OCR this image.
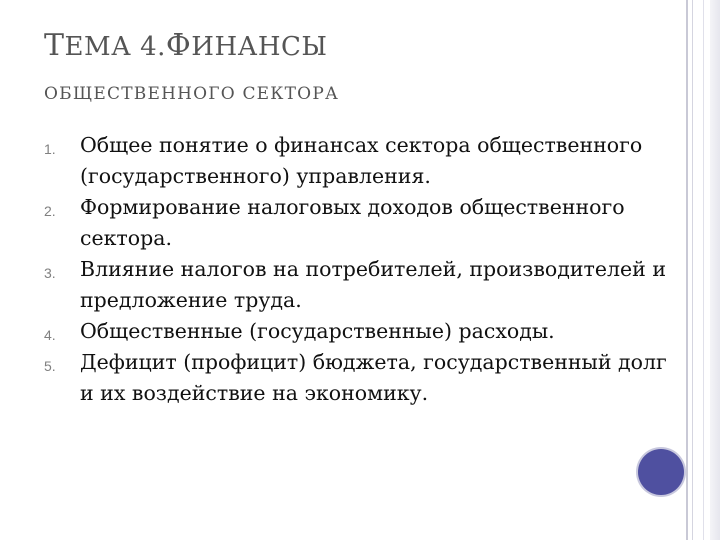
ТЕМА 4.ФИНАНСЫ
ОБЩЕСТВЕННОГО СЕКТОРА
1. Общее понятие о финансах сектора общественного (государственного) управления.
2. Формирование налоговых доходов общественного сектора.
3. Влияние налогов на потребителей, производителей и предложение труда.
4. Общественные (государственные) расходы.
5. Дефицит (профицит) бюджета, государственный долг и их воздействие на экономику.
